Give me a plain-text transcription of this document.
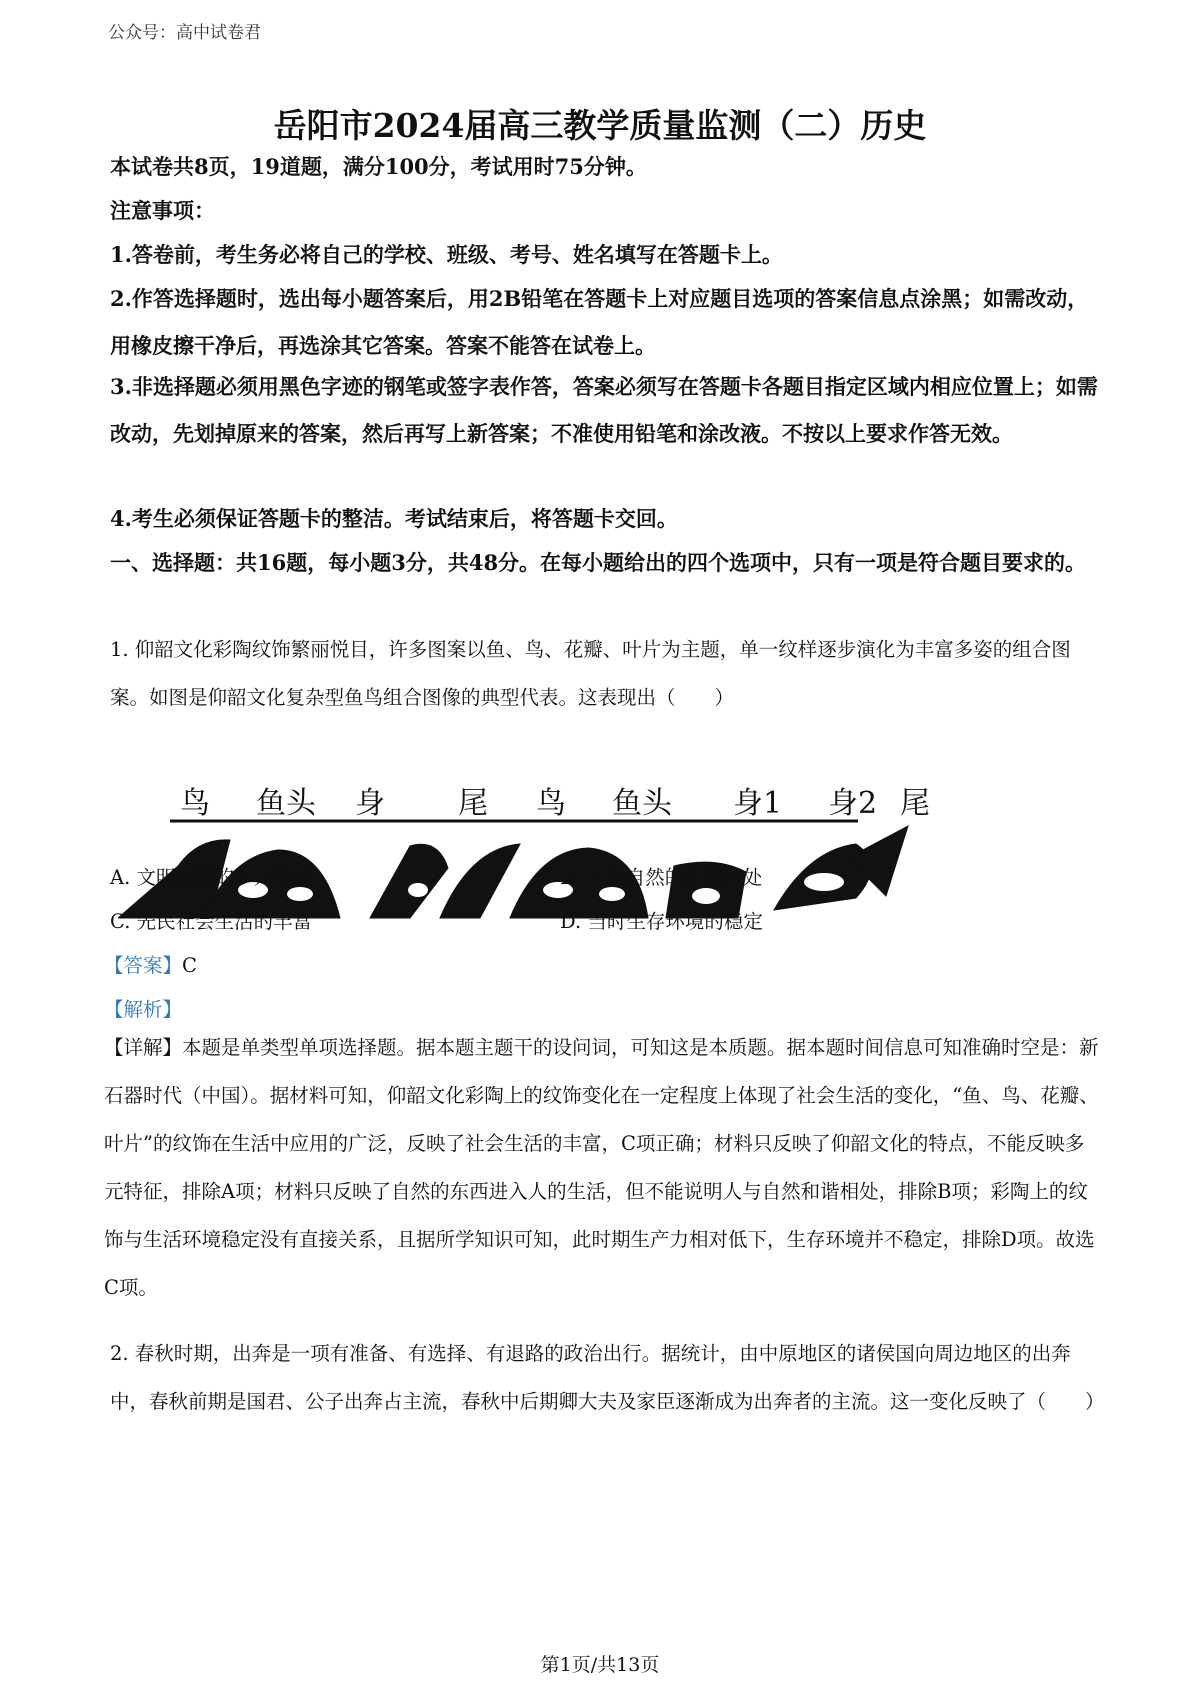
公众号：高中试卷君
岳阳市2024届高三教学质量监测（二）历史
本试卷共8页，19道题，满分100分，考试用时75分钟。
注意事项：
1.答卷前，考生务必将自己的学校、班级、考号、姓名填写在答题卡上。
2.作答选择题时，选出每小题答案后，用2B铅笔在答题卡上对应题目选项的答案信息点涂黑；如需改动，用橡皮擦干净后，再选涂其它答案。答案不能答在试卷上。
3.非选择题必须用黑色字迹的钢笔或签字表作答，答案必须写在答题卡各题目指定区域内相应位置上；如需改动，先划掉原来的答案，然后再写上新答案；不准使用铅笔和涂改液。不按以上要求作答无效。
4.考生必须保证答题卡的整洁。考试结束后，将答题卡交回。
一、选择题：共16题，每小题3分，共48分。在每小题给出的四个选项中，只有一项是符合题目要求的。
1. 仰韶文化彩陶纹饰繁丽悦目，许多图案以鱼、鸟、花瓣、叶片为主题，单一纹样逐步演化为丰富多姿的组合图案。如图是仰韶文化复杂型鱼鸟组合图像的典型代表。这表现出（　　）
鸟 鱼头 身 尾 鸟 鱼头 身1 身2 尾
A. 文明起源的多元特征	B. 人与自然的和谐共处
C. 先民社会生活的丰富	D. 当时生存环境的稳定
【答案】C
【解析】
【详解】本题是单类型单项选择题。据本题主题干的设问词，可知这是本质题。据本题时间信息可知准确时空是：新石器时代（中国）。据材料可知，仰韶文化彩陶上的纹饰变化在一定程度上体现了社会生活的变化，“鱼、鸟、花瓣、叶片”的纹饰在生活中应用的广泛，反映了社会生活的丰富，C项正确；材料只反映了仰韶文化的特点，不能反映多元特征，排除A项；材料只反映了自然的东西进入人的生活，但不能说明人与自然和谐相处，排除B项；彩陶上的纹饰与生活环境稳定没有直接关系，且据所学知识可知，此时期生产力相对低下，生存环境并不稳定，排除D项。故选C项。
2. 春秋时期，出奔是一项有准备、有选择、有退路的政治出行。据统计，由中原地区的诸侯国向周边地区的出奔中，春秋前期是国君、公子出奔占主流，春秋中后期卿大夫及家臣逐渐成为出奔者的主流。这一变化反映了（　　）
第1页/共13页
